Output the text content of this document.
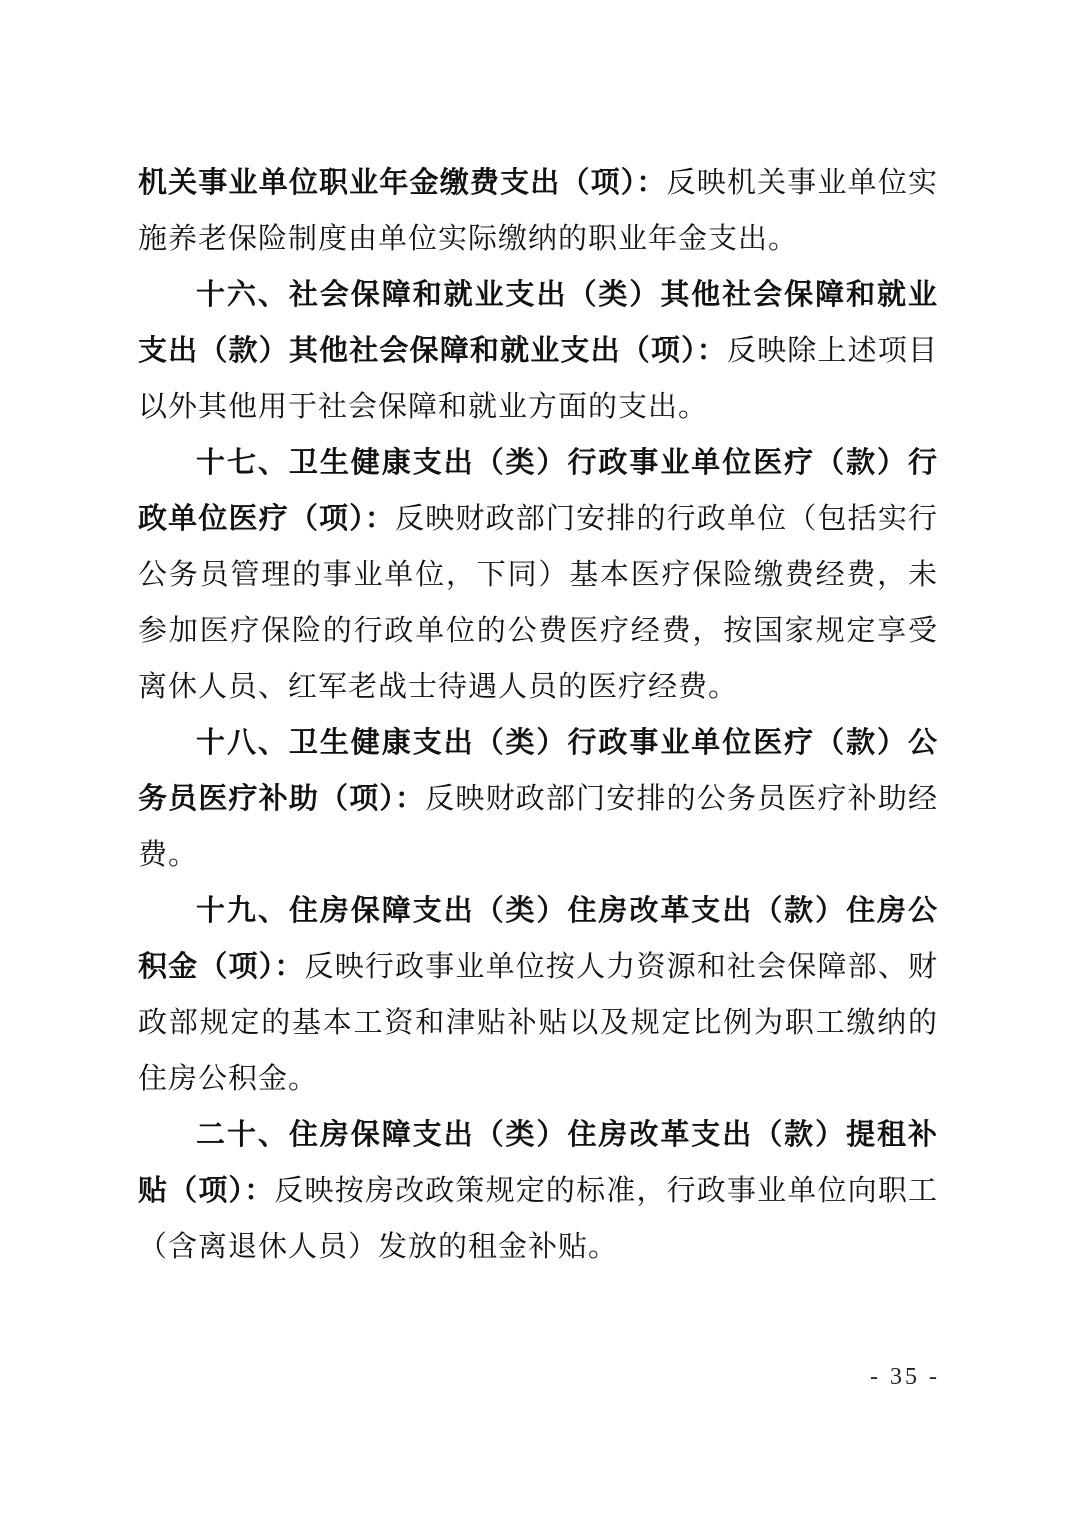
机关事业单位职业年金缴费支出（项）：反映机关事业单位实施养老保险制度由单位实际缴纳的职业年金支出。

十六、社会保障和就业支出（类）其他社会保障和就业支出（款）其他社会保障和就业支出（项）：反映除上述项目以外其他用于社会保障和就业方面的支出。

十七、卫生健康支出（类）行政事业单位医疗（款）行政单位医疗（项）：反映财政部门安排的行政单位（包括实行公务员管理的事业单位，下同）基本医疗保险缴费经费，未参加医疗保险的行政单位的公费医疗经费，按国家规定享受离休人员、红军老战士待遇人员的医疗经费。

十八、卫生健康支出（类）行政事业单位医疗（款）公务员医疗补助（项）：反映财政部门安排的公务员医疗补助经费。

十九、住房保障支出（类）住房改革支出（款）住房公积金（项）：反映行政事业单位按人力资源和社会保障部、财政部规定的基本工资和津贴补贴以及规定比例为职工缴纳的住房公积金。

二十、住房保障支出（类）住房改革支出（款）提租补贴（项）：反映按房改政策规定的标准，行政事业单位向职工（含离退休人员）发放的租金补贴。

- 35 -
